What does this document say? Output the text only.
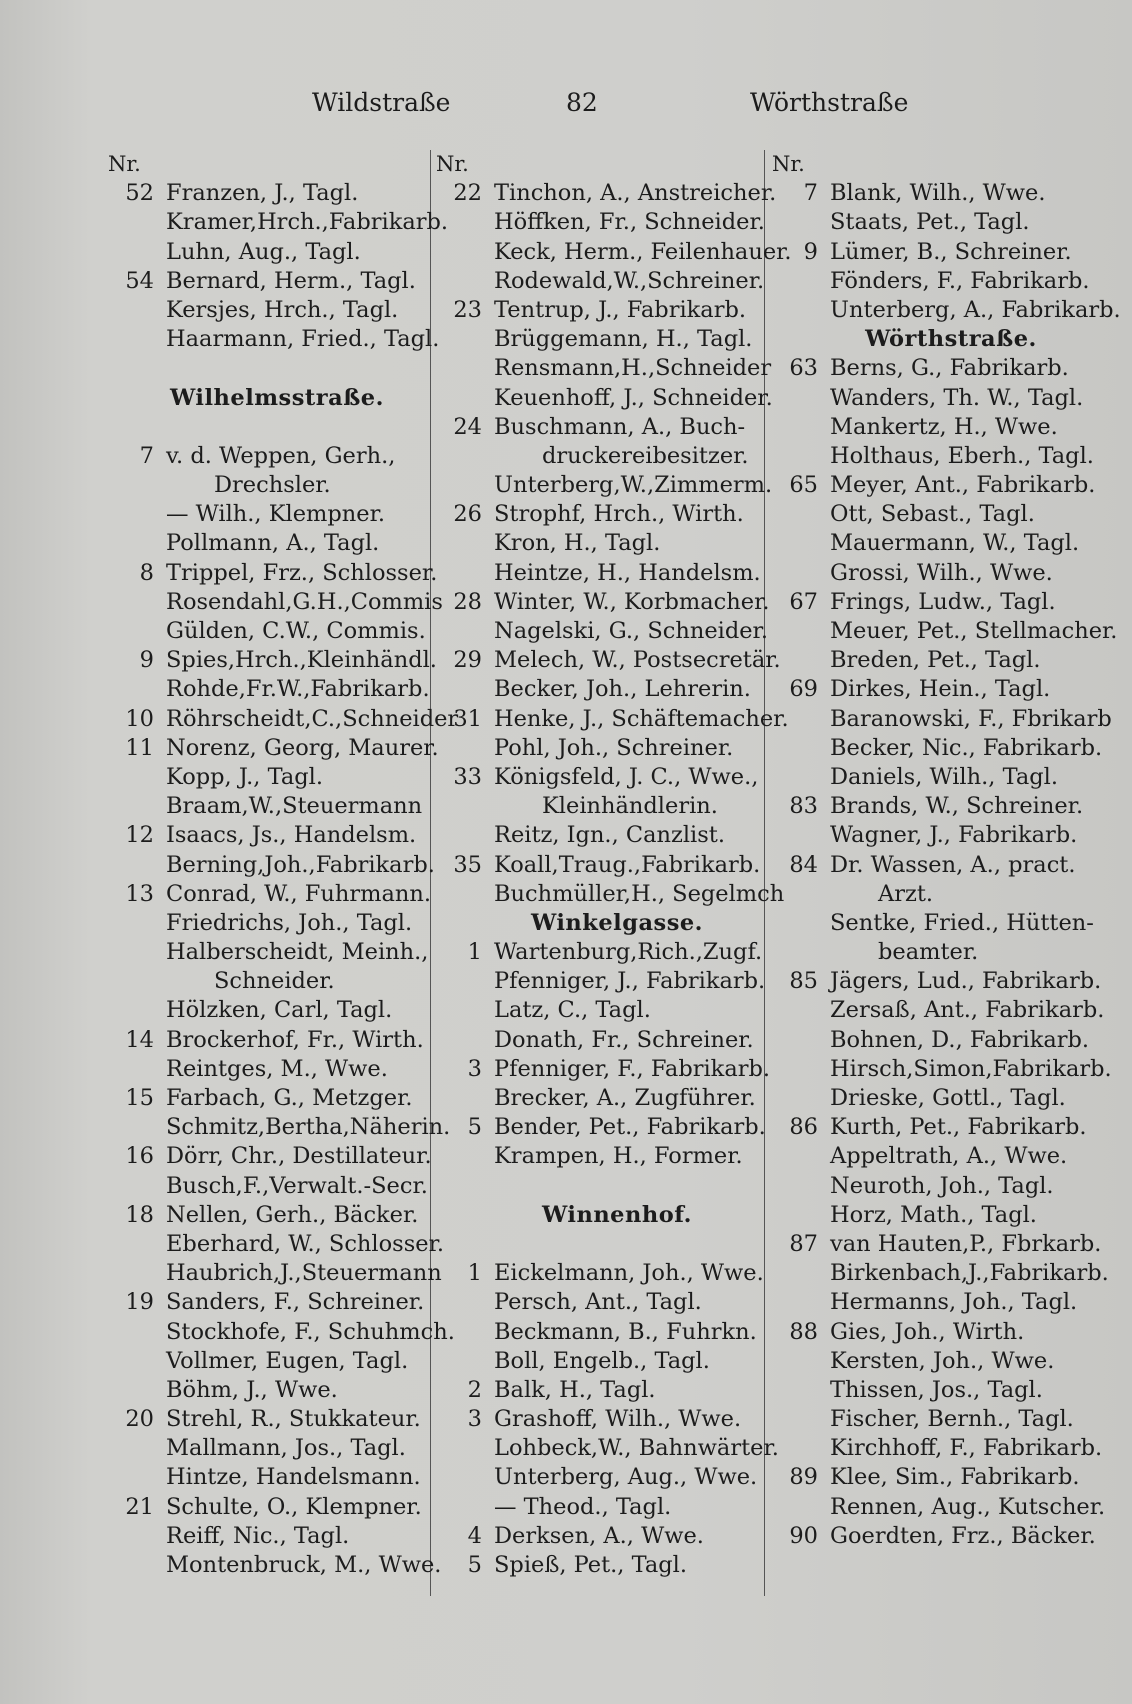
Wildstraße	82	Wörthstraße
Nr.
52 Franzen, J., Tagl.
Kramer,Hrch.,Fabrikarb.
Luhn, Aug., Tagl.
54 Bernard, Herm., Tagl.
Kersjes, Hrch., Tagl.
Haarmann, Fried., Tagl.
Wilhelmsstraße.
7 v. d. Weppen, Gerh.,
Drechsler.
— Wilh., Klempner.
Pollmann, A., Tagl.
8 Trippel, Frz., Schlosser.
Rosendahl,G.H.,Commis
Gülden, C.W., Commis.
9 Spies,Hrch.,Kleinhändl.
Rohde,Fr.W.,Fabrikarb.
10 Röhrscheidt,C.,Schneider
11 Norenz, Georg, Maurer.
Kopp, J., Tagl.
Braam,W.,Steuermann
12 Isaacs, Js., Handelsm.
Berning,Joh.,Fabrikarb.
13 Conrad, W., Fuhrmann.
Friedrichs, Joh., Tagl.
Halberscheidt, Meinh.,
Schneider.
Hölzken, Carl, Tagl.
14 Brockerhof, Fr., Wirth.
Reintges, M., Wwe.
15 Farbach, G., Metzger.
Schmitz,Bertha,Näherin.
16 Dörr, Chr., Destillateur.
Busch,F.,Verwalt.-Secr.
18 Nellen, Gerh., Bäcker.
Eberhard, W., Schlosser.
Haubrich,J.,Steuermann
19 Sanders, F., Schreiner.
Stockhofe, F., Schuhmch.
Vollmer, Eugen, Tagl.
Böhm, J., Wwe.
20 Strehl, R., Stukkateur.
Mallmann, Jos., Tagl.
Hintze, Handelsmann.
21 Schulte, O., Klempner.
Reiff, Nic., Tagl.
Montenbruck, M., Wwe.
Nr.
22 Tinchon, A., Anstreicher.
Höffken, Fr., Schneider.
Keck, Herm., Feilenhauer.
Rodewald,W.,Schreiner.
23 Tentrup, J., Fabrikarb.
Brüggemann, H., Tagl.
Rensmann,H.,Schneider
Keuenhoff, J., Schneider.
24 Buschmann, A., Buch-
druckereibesitzer.
Unterberg,W.,Zimmerm.
26 Strophf, Hrch., Wirth.
Kron, H., Tagl.
Heintze, H., Handelsm.
28 Winter, W., Korbmacher.
Nagelski, G., Schneider.
29 Melech, W., Postsecretär.
Becker, Joh., Lehrerin.
31 Henke, J., Schäftemacher.
Pohl, Joh., Schreiner.
33 Königsfeld, J. C., Wwe.,
Kleinhändlerin.
Reitz, Ign., Canzlist.
35 Koall,Traug.,Fabrikarb.
Buchmüller,H., Segelmch
Winkelgasse.
1 Wartenburg,Rich.,Zugf.
Pfenniger, J., Fabrikarb.
Latz, C., Tagl.
Donath, Fr., Schreiner.
3 Pfenniger, F., Fabrikarb.
Brecker, A., Zugführer.
5 Bender, Pet., Fabrikarb.
Krampen, H., Former.
Winnenhof.
1 Eickelmann, Joh., Wwe.
Persch, Ant., Tagl.
Beckmann, B., Fuhrkn.
Boll, Engelb., Tagl.
2 Balk, H., Tagl.
3 Grashoff, Wilh., Wwe.
Lohbeck,W., Bahnwärter.
Unterberg, Aug., Wwe.
— Theod., Tagl.
4 Derksen, A., Wwe.
5 Spieß, Pet., Tagl.
Nr.
7 Blank, Wilh., Wwe.
Staats, Pet., Tagl.
9 Lümer, B., Schreiner.
Fönders, F., Fabrikarb.
Unterberg, A., Fabrikarb.
Wörthstraße.
63 Berns, G., Fabrikarb.
Wanders, Th. W., Tagl.
Mankertz, H., Wwe.
Holthaus, Eberh., Tagl.
65 Meyer, Ant., Fabrikarb.
Ott, Sebast., Tagl.
Mauermann, W., Tagl.
Grossi, Wilh., Wwe.
67 Frings, Ludw., Tagl.
Meuer, Pet., Stellmacher.
Breden, Pet., Tagl.
69 Dirkes, Hein., Tagl.
Baranowski, F., Fbrikarb
Becker, Nic., Fabrikarb.
Daniels, Wilh., Tagl.
83 Brands, W., Schreiner.
Wagner, J., Fabrikarb.
84 Dr. Wassen, A., pract.
Arzt.
Sentke, Fried., Hütten-
beamter.
85 Jägers, Lud., Fabrikarb.
Zersaß, Ant., Fabrikarb.
Bohnen, D., Fabrikarb.
Hirsch,Simon,Fabrikarb.
Drieske, Gottl., Tagl.
86 Kurth, Pet., Fabrikarb.
Appeltrath, A., Wwe.
Neuroth, Joh., Tagl.
Horz, Math., Tagl.
87 van Hauten,P., Fbrkarb.
Birkenbach,J.,Fabrikarb.
Hermanns, Joh., Tagl.
88 Gies, Joh., Wirth.
Kersten, Joh., Wwe.
Thissen, Jos., Tagl.
Fischer, Bernh., Tagl.
Kirchhoff, F., Fabrikarb.
89 Klee, Sim., Fabrikarb.
Rennen, Aug., Kutscher.
90 Goerdten, Frz., Bäcker.
